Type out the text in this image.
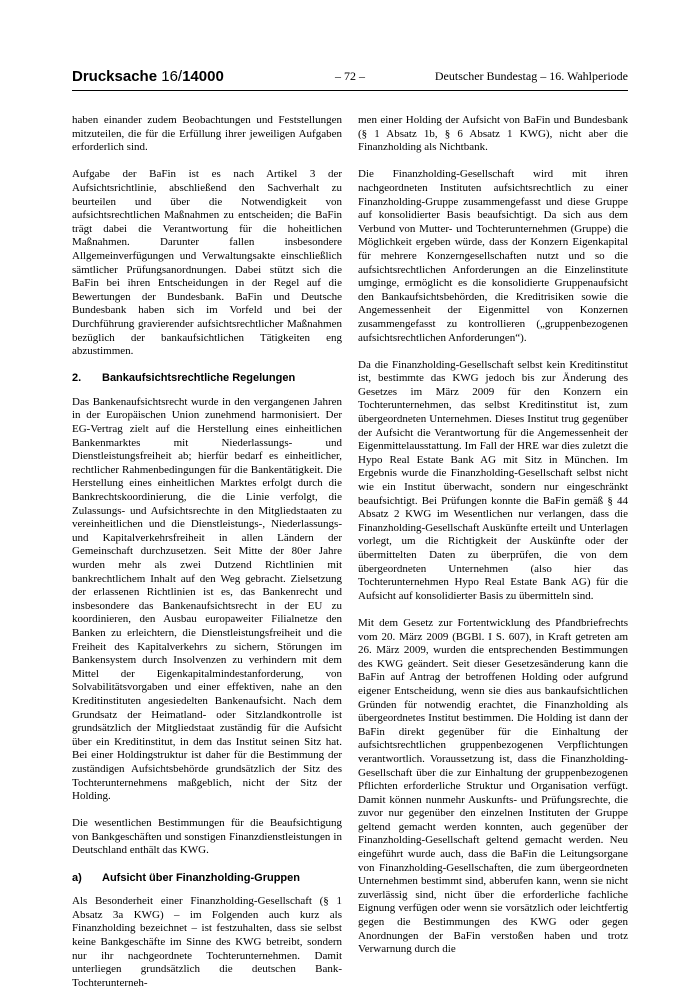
Drucksache 16/14000	– 72 –	Deutscher Bundestag – 16. Wahlperiode

haben einander zudem Beobachtungen und Feststellungen mitzuteilen, die für die Erfüllung ihrer jeweiligen Aufgaben erforderlich sind.

Aufgabe der BaFin ist es nach Artikel 3 der Aufsichtsrichtlinie, abschließend den Sachverhalt zu beurteilen und über die Notwendigkeit von aufsichtsrechtlichen Maßnahmen zu entscheiden; die BaFin trägt dabei die Verantwortung für die hoheitlichen Maßnahmen. Darunter fallen insbesondere Allgemeinverfügungen und Verwaltungsakte einschließlich sämtlicher Prüfungsanordnungen. Dabei stützt sich die BaFin bei ihren Entscheidungen in der Regel auf die Bewertungen der Bundesbank. BaFin und Deutsche Bundesbank haben sich im Vorfeld und bei der Durchführung gravierender aufsichtsrechtlicher Maßnahmen bezüglich der bankaufsichtlichen Tätigkeiten eng abzustimmen.

2.	Bankaufsichtsrechtliche Regelungen

Das Bankenaufsichtsrecht wurde in den vergangenen Jahren in der Europäischen Union zunehmend harmonisiert. Der EG-Vertrag zielt auf die Herstellung eines einheitlichen Bankenmarktes mit Niederlassungs- und Dienstleistungsfreiheit ab; hierfür bedarf es einheitlicher, rechtlicher Rahmenbedingungen für die Bankentätigkeit. Die Herstellung eines einheitlichen Marktes erfolgt durch die Bankrechtskoordinierung, die die Linie verfolgt, die Zulassungs- und Aufsichtsrechte in den Mitgliedstaaten zu vereinheitlichen und die Dienstleistungs-, Niederlassungs- und Kapitalverkehrsfreiheit in allen Ländern der Gemeinschaft durchzusetzen. Seit Mitte der 80er Jahre wurden mehr als zwei Dutzend Richtlinien mit bankrechtlichem Inhalt auf den Weg gebracht. Zielsetzung der erlassenen Richtlinien ist es, das Bankenrecht und insbesondere das Bankenaufsichtsrecht in der EU zu koordinieren, den Ausbau europaweiter Filialnetze den Banken zu erleichtern, die Dienstleistungsfreiheit und die Freiheit des Kapitalverkehrs zu sichern, Störungen im Bankensystem durch Insolvenzen zu verhindern mit dem Mittel der Eigenkapitalmindestanforderung, von Solvabilitätsvorgaben und einer effektiven, nahe an den Kreditinstituten angesiedelten Bankenaufsicht. Nach dem Grundsatz der Heimatland- oder Sitzlandkontrolle ist grundsätzlich der Mitgliedstaat zuständig für die Aufsicht über ein Kreditinstitut, in dem das Institut seinen Sitz hat. Bei einer Holdingstruktur ist daher für die Bestimmung der zuständigen Aufsichtsbehörde grundsätzlich der Sitz des Tochterunternehmens maßgeblich, nicht der Sitz der Holding.

Die wesentlichen Bestimmungen für die Beaufsichtigung von Bankgeschäften und sonstigen Finanzdienstleistungen in Deutschland enthält das KWG.

a)	Aufsicht über Finanzholding-Gruppen

Als Besonderheit einer Finanzholding-Gesellschaft (§ 1 Absatz 3a KWG) – im Folgenden auch kurz als Finanzholding bezeichnet – ist festzuhalten, dass sie selbst keine Bankgeschäfte im Sinne des KWG betreibt, sondern nur ihr nachgeordnete Tochterunternehmen. Damit unterliegen grundsätzlich die deutschen Bank-Tochterunterneh-

men einer Holding der Aufsicht von BaFin und Bundesbank (§ 1 Absatz 1b, § 6 Absatz 1 KWG), nicht aber die Finanzholding als Nichtbank.

Die Finanzholding-Gesellschaft wird mit ihren nachgeordneten Instituten aufsichtsrechtlich zu einer Finanzholding-Gruppe zusammengefasst und diese Gruppe auf konsolidierter Basis beaufsichtigt. Da sich aus dem Verbund von Mutter- und Tochterunternehmen (Gruppe) die Möglichkeit ergeben würde, dass der Konzern Eigenkapital für mehrere Konzerngesellschaften nutzt und so die aufsichtsrechtlichen Anforderungen an die Einzelinstitute umginge, ermöglicht es die konsolidierte Gruppenaufsicht den Bankaufsichtsbehörden, die Kreditrisiken sowie die Angemessenheit der Eigenmittel von Konzernen zusammengefasst zu kontrollieren („gruppenbezogenen aufsichtsrechtlichen Anforderungen“).

Da die Finanzholding-Gesellschaft selbst kein Kreditinstitut ist, bestimmte das KWG jedoch bis zur Änderung des Gesetzes im März 2009 für den Konzern ein Tochterunternehmen, das selbst Kreditinstitut ist, zum übergeordneten Unternehmen. Dieses Institut trug gegenüber der Aufsicht die Verantwortung für die Angemessenheit der Eigenmittelausstattung. Im Fall der HRE war dies zuletzt die Hypo Real Estate Bank AG mit Sitz in München. Im Ergebnis wurde die Finanzholding-Gesellschaft selbst nicht wie ein Institut überwacht, sondern nur eingeschränkt beaufsichtigt. Bei Prüfungen konnte die BaFin gemäß § 44 Absatz 2 KWG im Wesentlichen nur verlangen, dass die Finanzholding-Gesellschaft Auskünfte erteilt und Unterlagen vorlegt, um die Richtigkeit der Auskünfte oder der übermittelten Daten zu überprüfen, die von dem übergeordneten Unternehmen (also hier das Tochterunternehmen Hypo Real Estate Bank AG) für die Aufsicht auf konsolidierter Basis zu übermitteln sind.

Mit dem Gesetz zur Fortentwicklung des Pfandbriefrechts vom 20. März 2009 (BGBl. I S. 607), in Kraft getreten am 26. März 2009, wurden die entsprechenden Bestimmungen des KWG geändert. Seit dieser Gesetzesänderung kann die BaFin auf Antrag der betroffenen Holding oder aufgrund eigener Entscheidung, wenn sie dies aus bankaufsichtlichen Gründen für notwendig erachtet, die Finanzholding als übergeordnetes Institut bestimmen. Die Holding ist dann der BaFin direkt gegenüber für die Einhaltung der aufsichtsrechtlichen gruppenbezogenen Verpflichtungen verantwortlich. Voraussetzung ist, dass die Finanzholding-Gesellschaft über die zur Einhaltung der gruppenbezogenen Pflichten erforderliche Struktur und Organisation verfügt. Damit können nunmehr Auskunfts- und Prüfungsrechte, die zuvor nur gegenüber den einzelnen Instituten der Gruppe geltend gemacht werden konnten, auch gegenüber der Finanzholding-Gesellschaft geltend gemacht werden. Neu eingeführt wurde auch, dass die BaFin die Leitungsorgane von Finanzholding-Gesellschaften, die zum übergeordneten Unternehmen bestimmt sind, abberufen kann, wenn sie nicht zuverlässig sind, nicht über die erforderliche fachliche Eignung verfügen oder wenn sie vorsätzlich oder leichtfertig gegen die Bestimmungen des KWG oder gegen Anordnungen der BaFin verstoßen haben und trotz Verwarnung durch die
